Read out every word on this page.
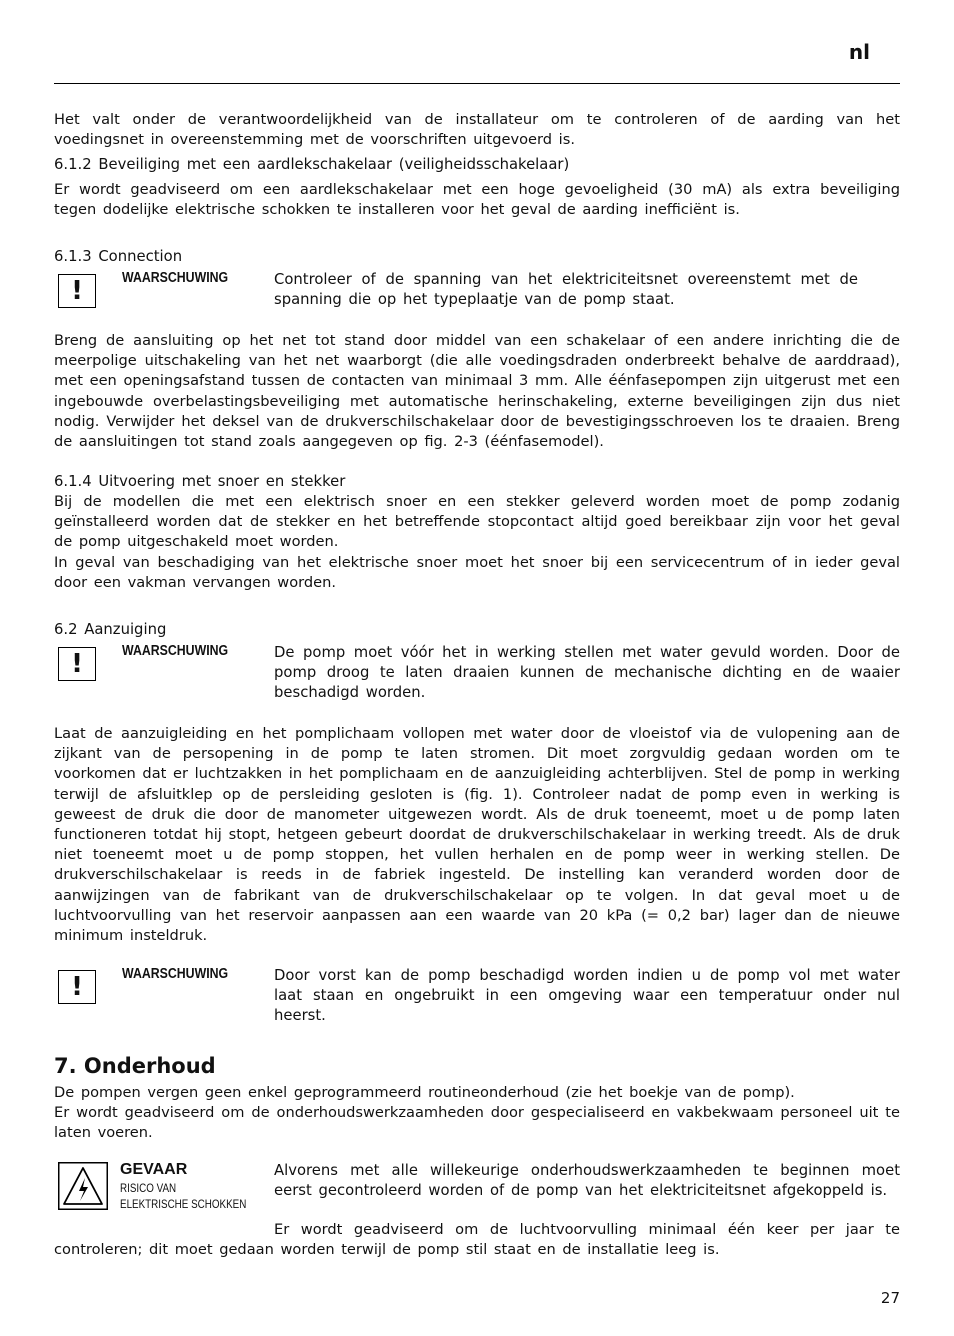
nl

Het valt onder de verantwoordelijkheid van de installateur om te controleren of de aarding van het voedingsnet in overeenstemming met de voorschriften uitgevoerd is.

6.1.2 Beveiliging met een aardlekschakelaar (veiligheidsschakelaar)

Er wordt geadviseerd om een aardlekschakelaar met een hoge gevoeligheid (30 mA) als extra beveiliging tegen dodelijke elektrische schokken te installeren voor het geval de aarding inefficiënt is.

6.1.3 Connection
!	WAARSCHUWING	Controleer of de spanning van het elektriciteitsnet overeenstemt met de spanning die op het typeplaatje van de pomp staat.

Breng de aansluiting op het net tot stand door middel van een schakelaar of een andere inrichting die de meerpolige uitschakeling van het net waarborgt (die alle voedingsdraden onderbreekt behalve de aarddraad), met een openingsafstand tussen de contacten van minimaal 3 mm. Alle éénfasepompen zijn uitgerust met een ingebouwde overbelastingsbeveiliging met automatische herinschakeling, externe beveiligingen zijn dus niet nodig. Verwijder het deksel van de drukverschilschakelaar door de bevestigingsschroeven los te draaien. Breng de aansluitingen tot stand zoals aangegeven op fig. 2-3 (éénfasemodel).

6.1.4 Uitvoering met snoer en stekker

Bij de modellen die met een elektrisch snoer en een stekker geleverd worden moet de pomp zodanig geïnstalleerd worden dat de stekker en het betreffende stopcontact altijd goed bereikbaar zijn voor het geval de pomp uitgeschakeld moet worden.

In geval van beschadiging van het elektrische snoer moet het snoer bij een servicecentrum of in ieder geval door een vakman vervangen worden.

6.2 Aanzuiging
!	WAARSCHUWING	De pomp moet vóór het in werking stellen met water gevuld worden. Door de pomp droog te laten draaien kunnen de mechanische dichting en de waaier beschadigd worden.

Laat de aanzuigleiding en het pomplichaam vollopen met water door de vloeistof via de vulopening aan de zijkant van de persopening in de pomp te laten stromen. Dit moet zorgvuldig gedaan worden om te voorkomen dat er luchtzakken in het pomplichaam en de aanzuigleiding achterblijven. Stel de pomp in werking terwijl de afsluitklep op de persleiding gesloten is (fig. 1). Controleer nadat de pomp even in werking is geweest de druk die door de manometer uitgewezen wordt. Als de druk toeneemt, moet u de pomp laten functioneren totdat hij stopt, hetgeen gebeurt doordat de drukverschilschakelaar in werking treedt. Als de druk niet toeneemt moet u de pomp stoppen, het vullen herhalen en de pomp weer in werking stellen. De drukverschilschakelaar is reeds in de fabriek ingesteld. De instelling kan veranderd worden door de aanwijzingen van de fabrikant van de drukverschilschakelaar op te volgen. In dat geval moet u de luchtvoorvulling van het reservoir aanpassen aan een waarde van 20 kPa (= 0,2 bar) lager dan de nieuwe minimum insteldruk.

!	WAARSCHUWING	Door vorst kan de pomp beschadigd worden indien u de pomp vol met water laat staan en ongebruikt in een omgeving waar een temperatuur onder nul heerst.

7. Onderhoud

De pompen vergen geen enkel geprogrammeerd routineonderhoud (zie het boekje van de pomp).

Er wordt geadviseerd om de onderhoudswerkzaamheden door gespecialiseerd en vakbekwaam personeel uit te laten voeren.

GEVAAR
RISICO VAN
ELEKTRISCHE SCHOKKEN

Alvorens met alle willekeurige onderhoudswerkzaamheden te beginnen moet eerst gecontroleerd worden of de pomp van het elektriciteitsnet afgekoppeld is.

Er wordt geadviseerd om de luchtvoorvulling minimaal één keer per jaar te controleren; dit moet gedaan worden terwijl de pomp stil staat en de installatie leeg is.

27
